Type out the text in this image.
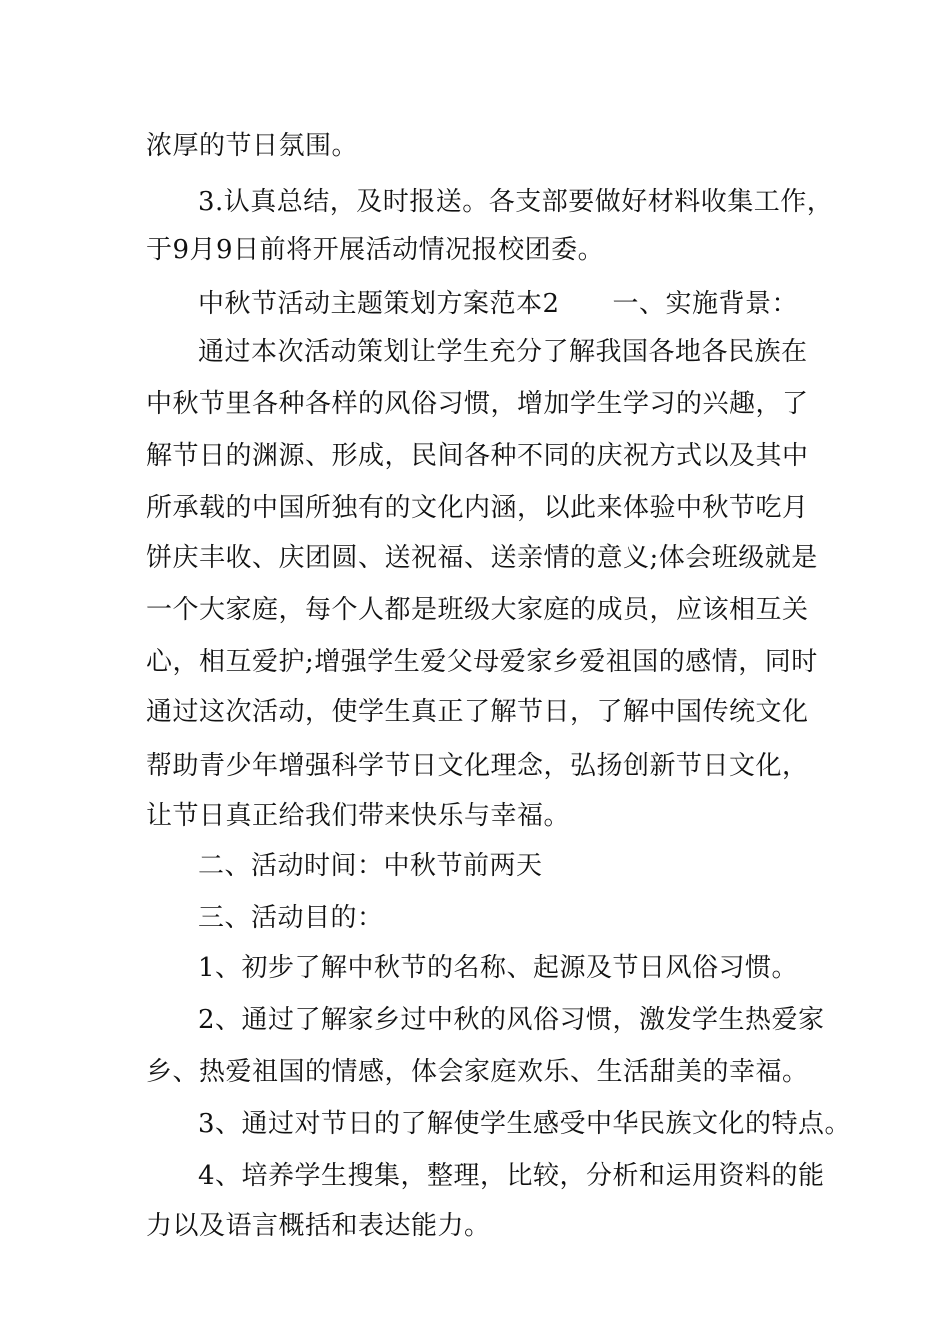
浓厚的节日氛围。
3.认真总结，及时报送。各支部要做好材料收集工作，
于9月9日前将开展活动情况报校团委。
中秋节活动主题策划方案范本2　　一、实施背景：
通过本次活动策划让学生充分了解我国各地各民族在
中秋节里各种各样的风俗习惯，增加学生学习的兴趣，了
解节日的渊源、形成，民间各种不同的庆祝方式以及其中
所承载的中国所独有的文化内涵，以此来体验中秋节吃月
饼庆丰收、庆团圆、送祝福、送亲情的意义;体会班级就是
一个大家庭，每个人都是班级大家庭的成员，应该相互关
心，相互爱护;增强学生爱父母爱家乡爱祖国的感情，同时
通过这次活动，使学生真正了解节日，了解中国传统文化
帮助青少年增强科学节日文化理念，弘扬创新节日文化，
让节日真正给我们带来快乐与幸福。
二、活动时间：中秋节前两天
三、活动目的：
1、初步了解中秋节的名称、起源及节日风俗习惯。
2、通过了解家乡过中秋的风俗习惯，激发学生热爱家
乡、热爱祖国的情感，体会家庭欢乐、生活甜美的幸福。
3、通过对节日的了解使学生感受中华民族文化的特点。
4、培养学生搜集，整理，比较，分析和运用资料的能
力以及语言概括和表达能力。
